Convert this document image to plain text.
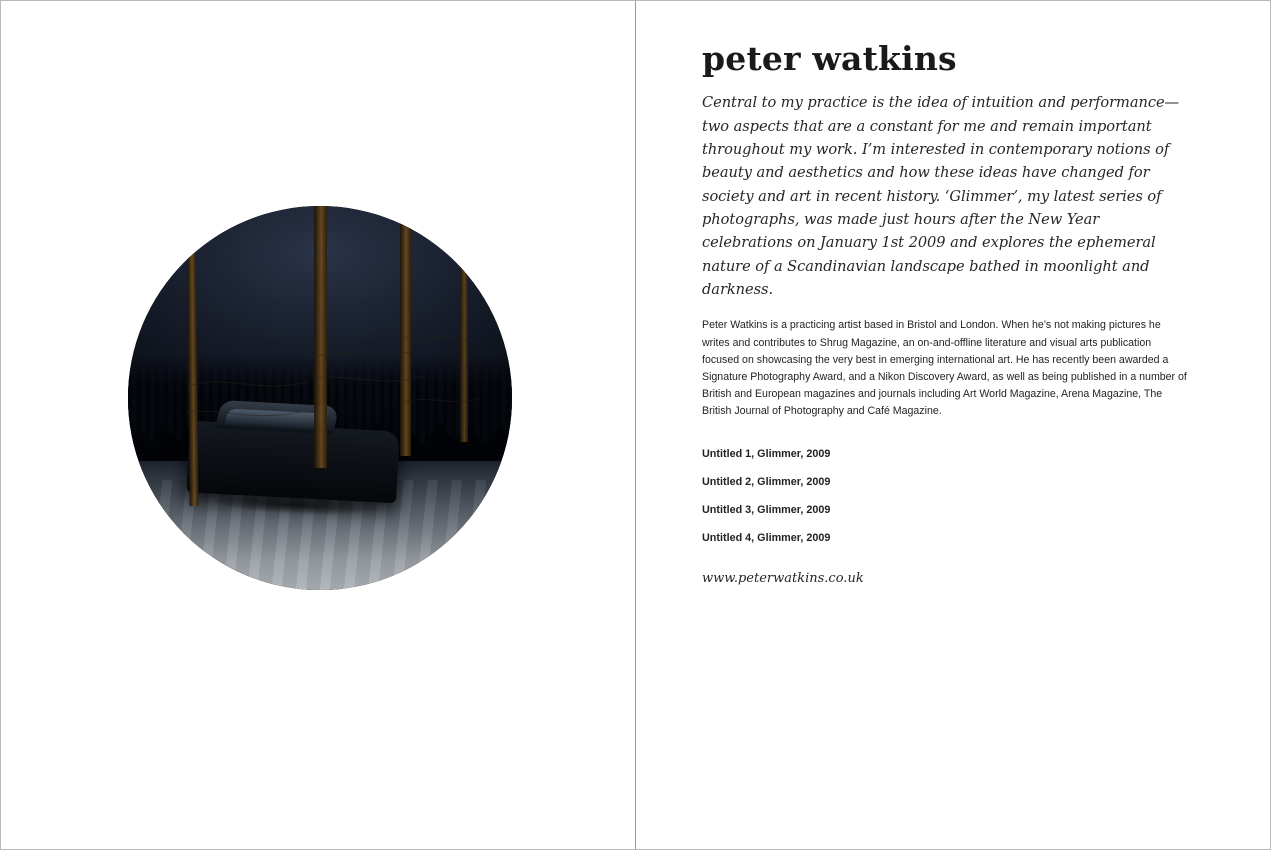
peter watkins

Central to my practice is the idea of intuition and performance—two aspects that are a constant for me and remain important throughout my work. I’m interested in contemporary notions of beauty and aesthetics and how these ideas have changed for society and art in recent history. ‘Glimmer’, my latest series of photographs, was made just hours after the New Year celebrations on January 1st 2009 and explores the ephemeral nature of a Scandinavian landscape bathed in moonlight and darkness.

Peter Watkins is a practicing artist based in Bristol and London. When he’s not making pictures he writes and contributes to Shrug Magazine, an on-and-offline literature and visual arts publication focused on showcasing the very best in emerging international art. He has recently been awarded a Signature Photography Award, and a Nikon Discovery Award, as well as being published in a number of British and European magazines and journals including Art World Magazine, Arena Magazine, The British Journal of Photography and Café Magazine.

Untitled 1, Glimmer, 2009
Untitled 2, Glimmer, 2009
Untitled 3, Glimmer, 2009
Untitled 4, Glimmer, 2009
www.peterwatkins.co.uk
